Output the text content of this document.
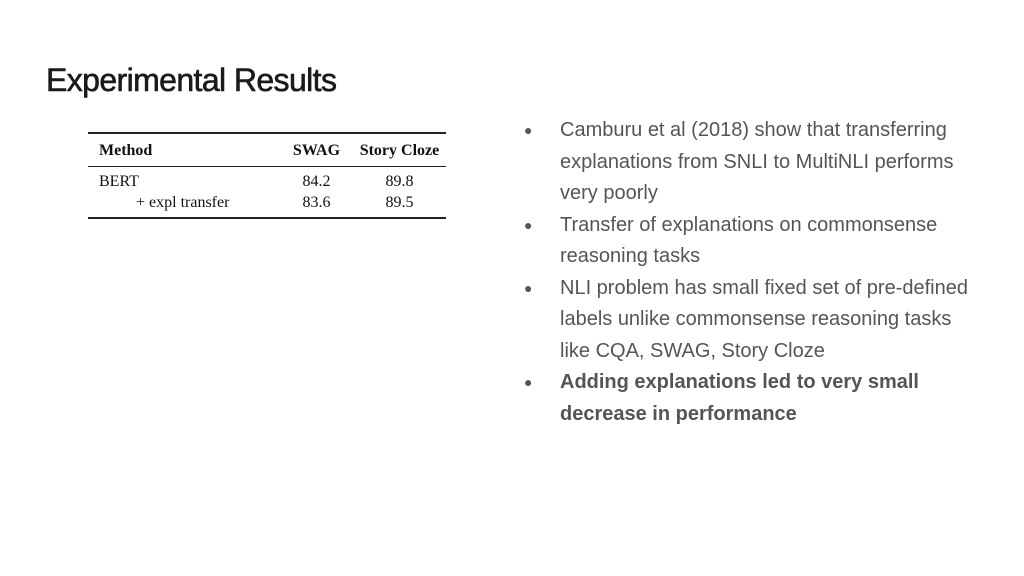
Experimental Results
Method	SWAG	Story Cloze
BERT	84.2	89.8
+ expl transfer	83.6	89.5
●	Camburu et al (2018) show that transferring explanations from SNLI to MultiNLI performs very poorly
●	Transfer of explanations on commonsense reasoning tasks
●	NLI problem has small fixed set of pre-defined labels unlike commonsense reasoning tasks like CQA, SWAG, Story Cloze
●	Adding explanations led to very small decrease in performance
